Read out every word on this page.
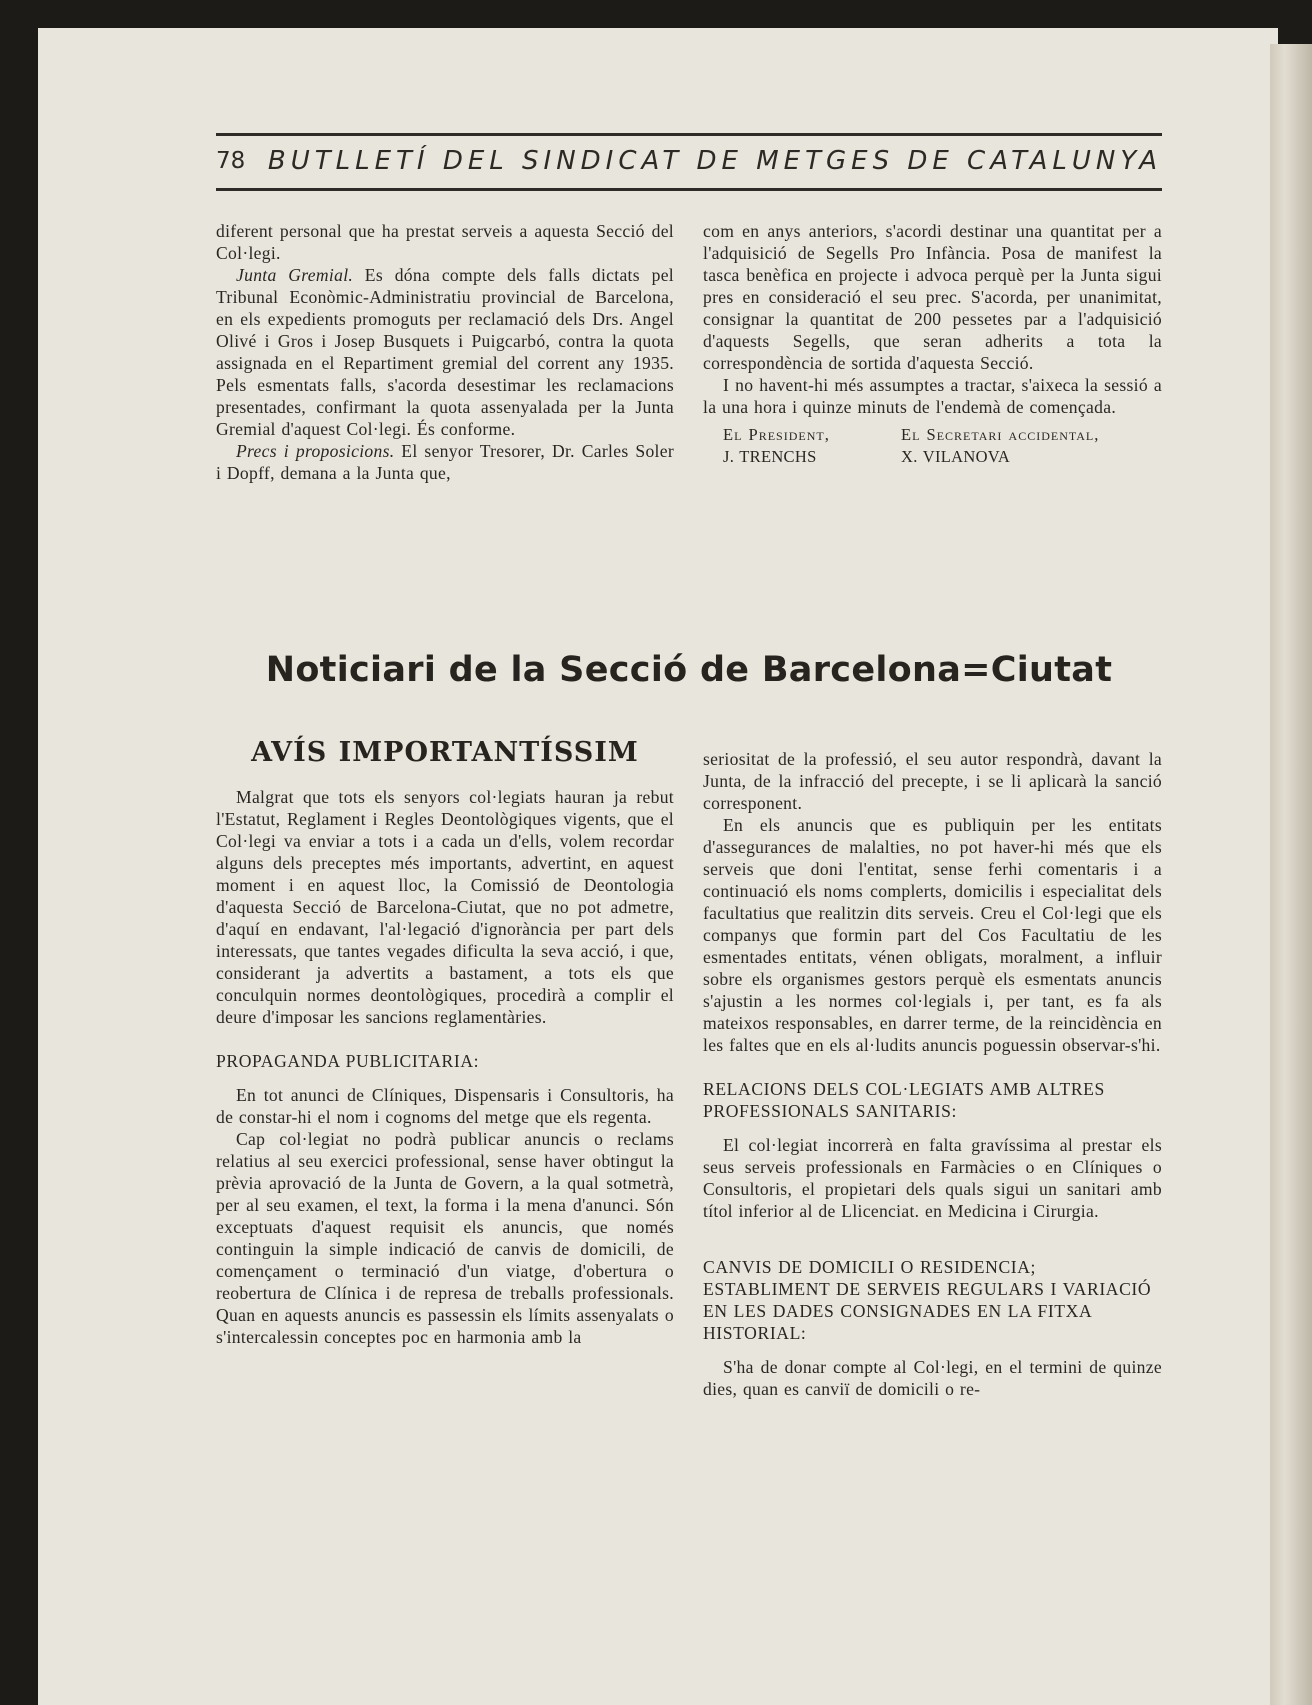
78 BUTLLETÍ DEL SINDICAT DE METGES DE CATALUNYA

diferent personal que ha prestat serveis a aquesta Secció del Col·legi.

Junta Gremial. Es dóna compte dels falls dictats pel Tribunal Econòmic-Administratiu provincial de Barcelona, en els expedients promoguts per reclamació dels Drs. Angel Olivé i Gros i Josep Busquets i Puigcarbó, contra la quota assignada en el Repartiment gremial del corrent any 1935. Pels esmentats falls, s'acorda desestimar les reclamacions presentades, confirmant la quota assenyalada per la Junta Gremial d'aquest Col·legi. És conforme.

Precs i proposicions. El senyor Tresorer, Dr. Carles Soler i Dopff, demana a la Junta que,

com en anys anteriors, s'acordi destinar una quantitat per a l'adquisició de Segells Pro Infància. Posa de manifest la tasca benèfica en projecte i advoca perquè per la Junta sigui pres en consideració el seu prec. S'acorda, per unanimitat, consignar la quantitat de 200 pessetes par a l'adquisició d'aquests Segells, que seran adherits a tota la correspondència de sortida d'aquesta Secció.

I no havent-hi més assumptes a tractar, s'aixeca la sessió a la una hora i quinze minuts de l'endemà de començada.

El President,	El Secretari accidental,
J. TRENCHS	X. VILANOVA
Noticiari de la Secció de Barcelona=Ciutat
AVÍS IMPORTANTÍSSIM

Malgrat que tots els senyors col·legiats hauran ja rebut l'Estatut, Reglament i Regles Deontològiques vigents, que el Col·legi va enviar a tots i a cada un d'ells, volem recordar alguns dels preceptes més importants, advertint, en aquest moment i en aquest lloc, la Comissió de Deontologia d'aquesta Secció de Barcelona-Ciutat, que no pot admetre, d'aquí en endavant, l'al·legació d'ignorància per part dels interessats, que tantes vegades dificulta la seva acció, i que, considerant ja advertits a bastament, a tots els que conculquin normes deontològiques, procedirà a complir el deure d'imposar les sancions reglamentàries.

PROPAGANDA PUBLICITARIA:

En tot anunci de Clíniques, Dispensaris i Consultoris, ha de constar-hi el nom i cognoms del metge que els regenta.

Cap col·legiat no podrà publicar anuncis o reclams relatius al seu exercici professional, sense haver obtingut la prèvia aprovació de la Junta de Govern, a la qual sotmetrà, per al seu examen, el text, la forma i la mena d'anunci. Són exceptuats d'aquest requisit els anuncis, que només continguin la simple indicació de canvis de domicili, de començament o terminació d'un viatge, d'obertura o reobertura de Clínica i de represa de treballs professionals. Quan en aquests anuncis es passessin els límits assenyalats o s'intercalessin conceptes poc en harmonia amb la

seriositat de la professió, el seu autor respondrà, davant la Junta, de la infracció del precepte, i se li aplicarà la sanció corresponent.

En els anuncis que es publiquin per les entitats d'assegurances de malalties, no pot haver-hi més que els serveis que doni l'entitat, sense ferhi comentaris i a continuació els noms complerts, domicilis i especialitat dels facultatius que realitzin dits serveis. Creu el Col·legi que els companys que formin part del Cos Facultatiu de les esmentades entitats, vénen obligats, moralment, a influir sobre els organismes gestors perquè els esmentats anuncis s'ajustin a les normes col·legials i, per tant, es fa als mateixos responsables, en darrer terme, de la reincidència en les faltes que en els al·ludits anuncis poguessin observar-s'hi.

RELACIONS DELS COL·LEGIATS AMB ALTRES PROFESSIONALS SANITARIS:

El col·legiat incorrerà en falta gravíssima al prestar els seus serveis professionals en Farmàcies o en Clíniques o Consultoris, el propietari dels quals sigui un sanitari amb títol inferior al de Llicenciat. en Medicina i Cirurgia.

CANVIS DE DOMICILI O RESIDENCIA; ESTABLIMENT DE SERVEIS REGULARS I VARIACIÓ EN LES DADES CONSIGNADES EN LA FITXA HISTORIAL:

S'ha de donar compte al Col·legi, en el termini de quinze dies, quan es canviï de domicili o re-
